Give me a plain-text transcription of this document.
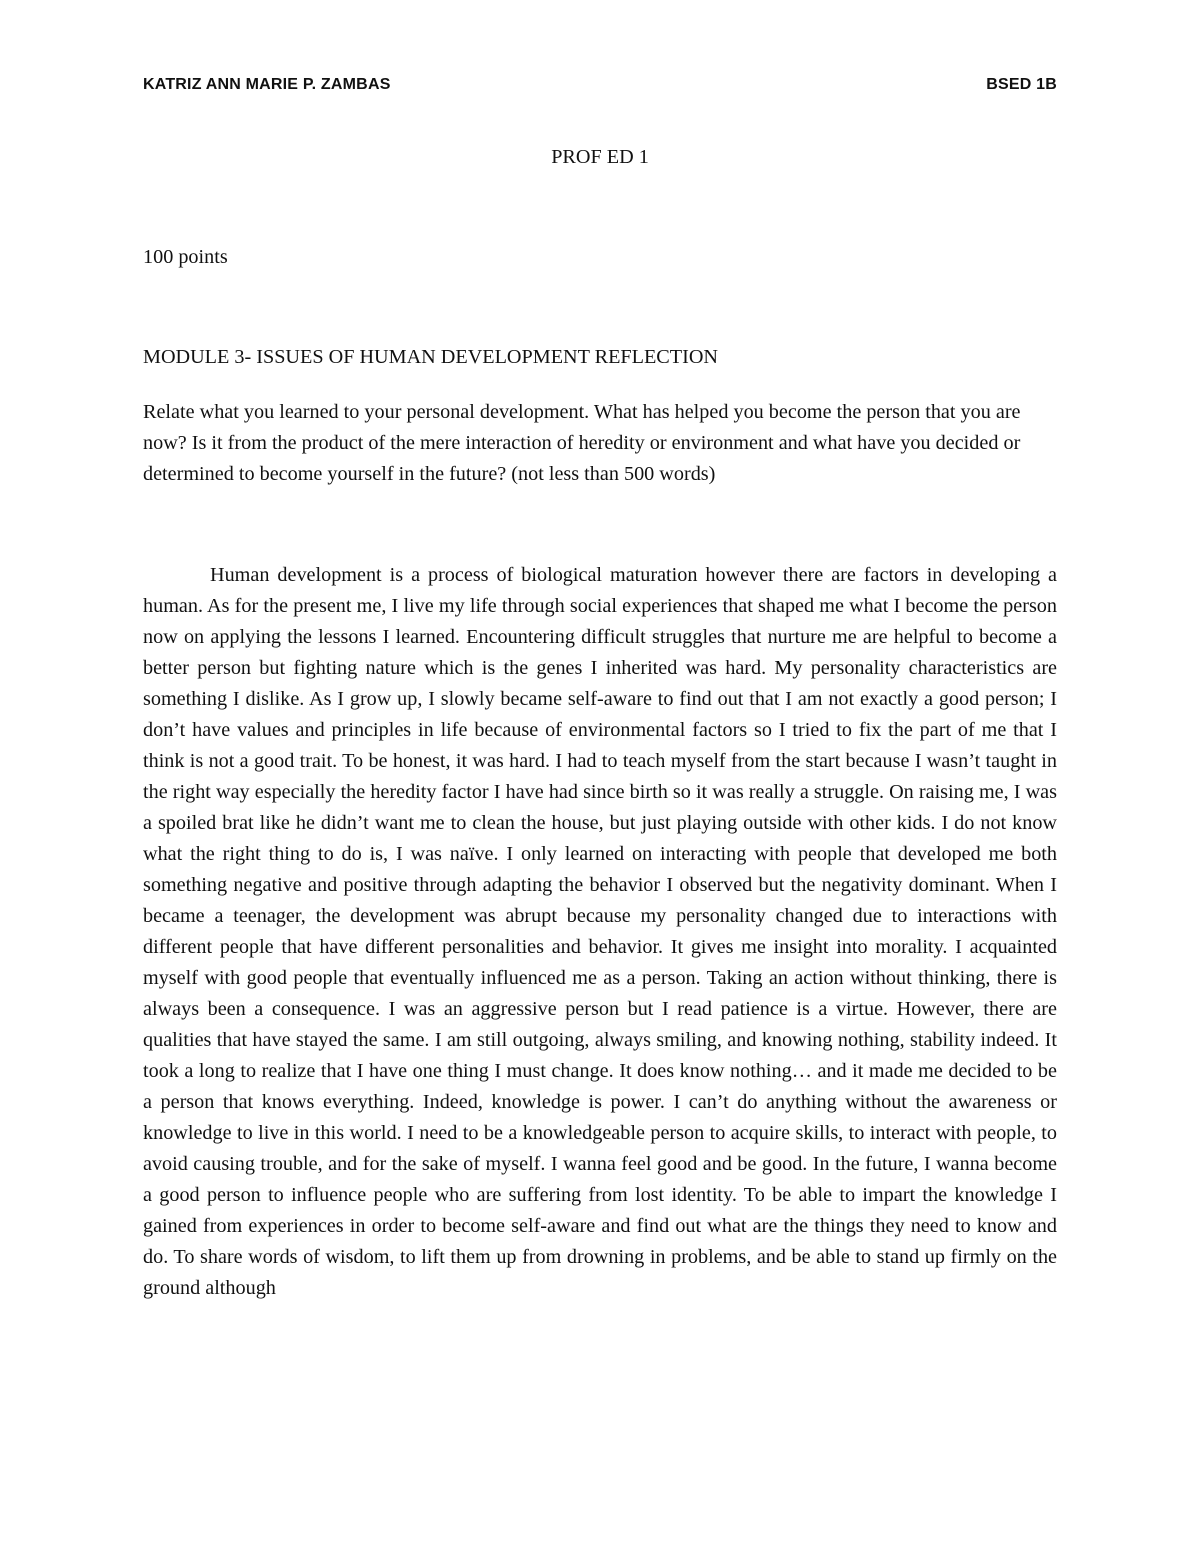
KATRIZ ANN MARIE P. ZAMBAS	BSED 1B
PROF ED 1
100 points
MODULE 3- ISSUES OF HUMAN DEVELOPMENT REFLECTION

Relate what you learned to your personal development. What has helped you become the person that you are now? Is it from the product of the mere interaction of heredity or environment and what have you decided or determined to become yourself in the future? (not less than 500 words)

Human development is a process of biological maturation however there are factors in developing a human. As for the present me, I live my life through social experiences that shaped me what I become the person now on applying the lessons I learned. Encountering difficult struggles that nurture me are helpful to become a better person but fighting nature which is the genes I inherited was hard. My personality characteristics are something I dislike. As I grow up, I slowly became self-aware to find out that I am not exactly a good person; I don’t have values and principles in life because of environmental factors so I tried to fix the part of me that I think is not a good trait. To be honest, it was hard. I had to teach myself from the start because I wasn’t taught in the right way especially the heredity factor I have had since birth so it was really a struggle. On raising me, I was a spoiled brat like he didn’t want me to clean the house, but just playing outside with other kids. I do not know what the right thing to do is, I was naïve. I only learned on interacting with people that developed me both something negative and positive through adapting the behavior I observed but the negativity dominant. When I became a teenager, the development was abrupt because my personality changed due to interactions with different people that have different personalities and behavior. It gives me insight into morality. I acquainted myself with good people that eventually influenced me as a person. Taking an action without thinking, there is always been a consequence. I was an aggressive person but I read patience is a virtue. However, there are qualities that have stayed the same. I am still outgoing, always smiling, and knowing nothing, stability indeed. It took a long to realize that I have one thing I must change. It does know nothing… and it made me decided to be a person that knows everything. Indeed, knowledge is power. I can’t do anything without the awareness or knowledge to live in this world. I need to be a knowledgeable person to acquire skills, to interact with people, to avoid causing trouble, and for the sake of myself. I wanna feel good and be good. In the future, I wanna become a good person to influence people who are suffering from lost identity. To be able to impart the knowledge I gained from experiences in order to become self-aware and find out what are the things they need to know and do. To share words of wisdom, to lift them up from drowning in problems, and be able to stand up firmly on the ground although
